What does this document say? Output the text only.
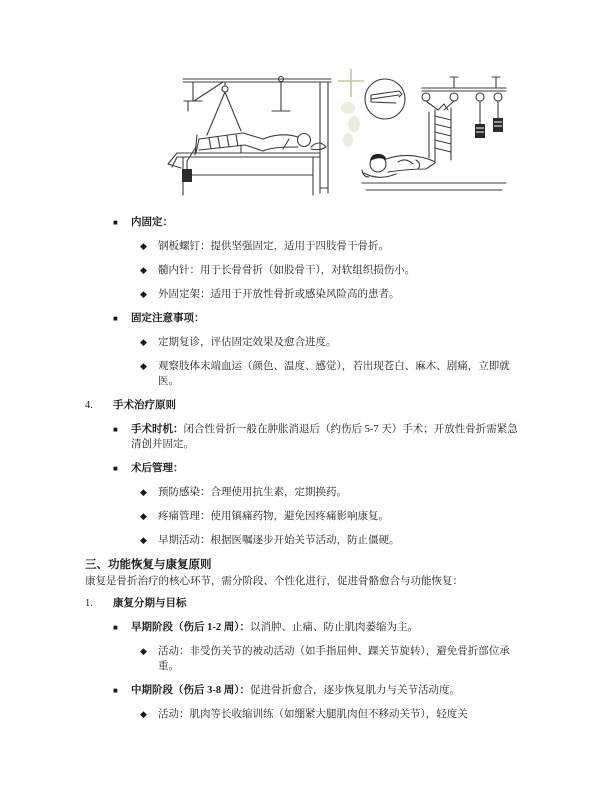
■	内固定：
◆	钢板螺钉：提供坚强固定，适用于四肢骨干骨折。
◆	髓内针：用于长骨骨折（如股骨干），对软组织损伤小。
◆	外固定架：适用于开放性骨折或感染风险高的患者。
■	固定注意事项：
◆	定期复诊，评估固定效果及愈合进度。
◆	观察肢体末端血运（颜色、温度、感觉），若出现苍白、麻木、剧痛，立即就医。
4.	手术治疗原则
■	手术时机：闭合性骨折一般在肿胀消退后（约伤后 5-7 天）手术；开放性骨折需紧急清创并固定。
■	术后管理：
◆	预防感染：合理使用抗生素，定期换药。
◆	疼痛管理：使用镇痛药物，避免因疼痛影响康复。
◆	早期活动：根据医嘱逐步开始关节活动，防止僵硬。
三、功能恢复与康复原则
康复是骨折治疗的核心环节，需分阶段、个性化进行，促进骨骼愈合与功能恢复：
1.	康复分期与目标
■	早期阶段（伤后 1-2 周）：以消肿、止痛、防止肌肉萎缩为主。
◆	活动：非受伤关节的被动活动（如手指屈伸、踝关节旋转），避免骨折部位承重。
■	中期阶段（伤后 3-8 周）：促进骨折愈合，逐步恢复肌力与关节活动度。
◆	活动：肌肉等长收缩训练（如绷紧大腿肌肉但不移动关节），轻度关
